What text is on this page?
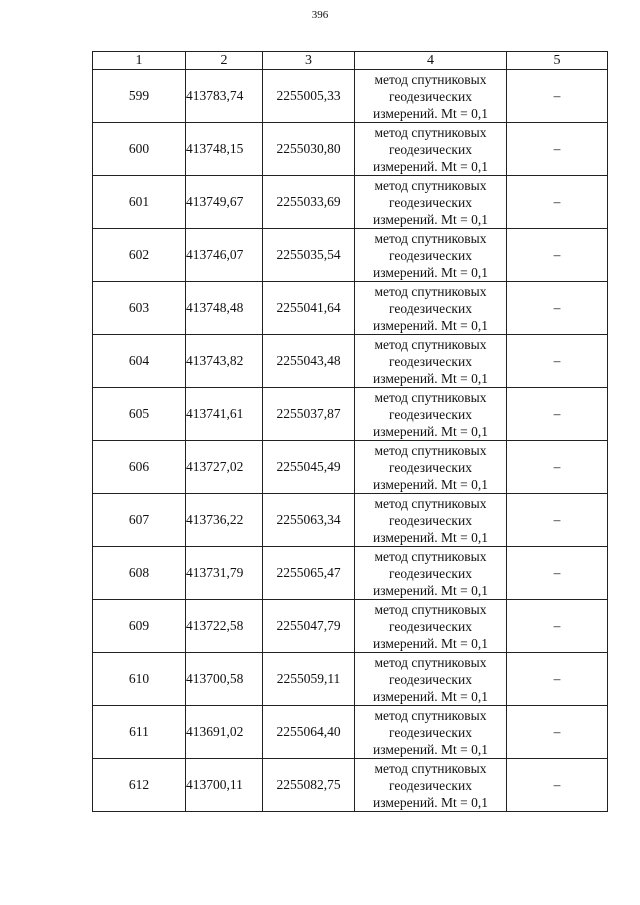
396
1	2	3	4	5
599	413783,74	2255005,33	метод спутниковых
геодезических
измерений. Mt = 0,1	–
600	413748,15	2255030,80	метод спутниковых
геодезических
измерений. Mt = 0,1	–
601	413749,67	2255033,69	метод спутниковых
геодезических
измерений. Mt = 0,1	–
602	413746,07	2255035,54	метод спутниковых
геодезических
измерений. Mt = 0,1	–
603	413748,48	2255041,64	метод спутниковых
геодезических
измерений. Mt = 0,1	–
604	413743,82	2255043,48	метод спутниковых
геодезических
измерений. Mt = 0,1	–
605	413741,61	2255037,87	метод спутниковых
геодезических
измерений. Mt = 0,1	–
606	413727,02	2255045,49	метод спутниковых
геодезических
измерений. Mt = 0,1	–
607	413736,22	2255063,34	метод спутниковых
геодезических
измерений. Mt = 0,1	–
608	413731,79	2255065,47	метод спутниковых
геодезических
измерений. Mt = 0,1	–
609	413722,58	2255047,79	метод спутниковых
геодезических
измерений. Mt = 0,1	–
610	413700,58	2255059,11	метод спутниковых
геодезических
измерений. Mt = 0,1	–
611	413691,02	2255064,40	метод спутниковых
геодезических
измерений. Mt = 0,1	–
612	413700,11	2255082,75	метод спутниковых
геодезических
измерений. Mt = 0,1	–
